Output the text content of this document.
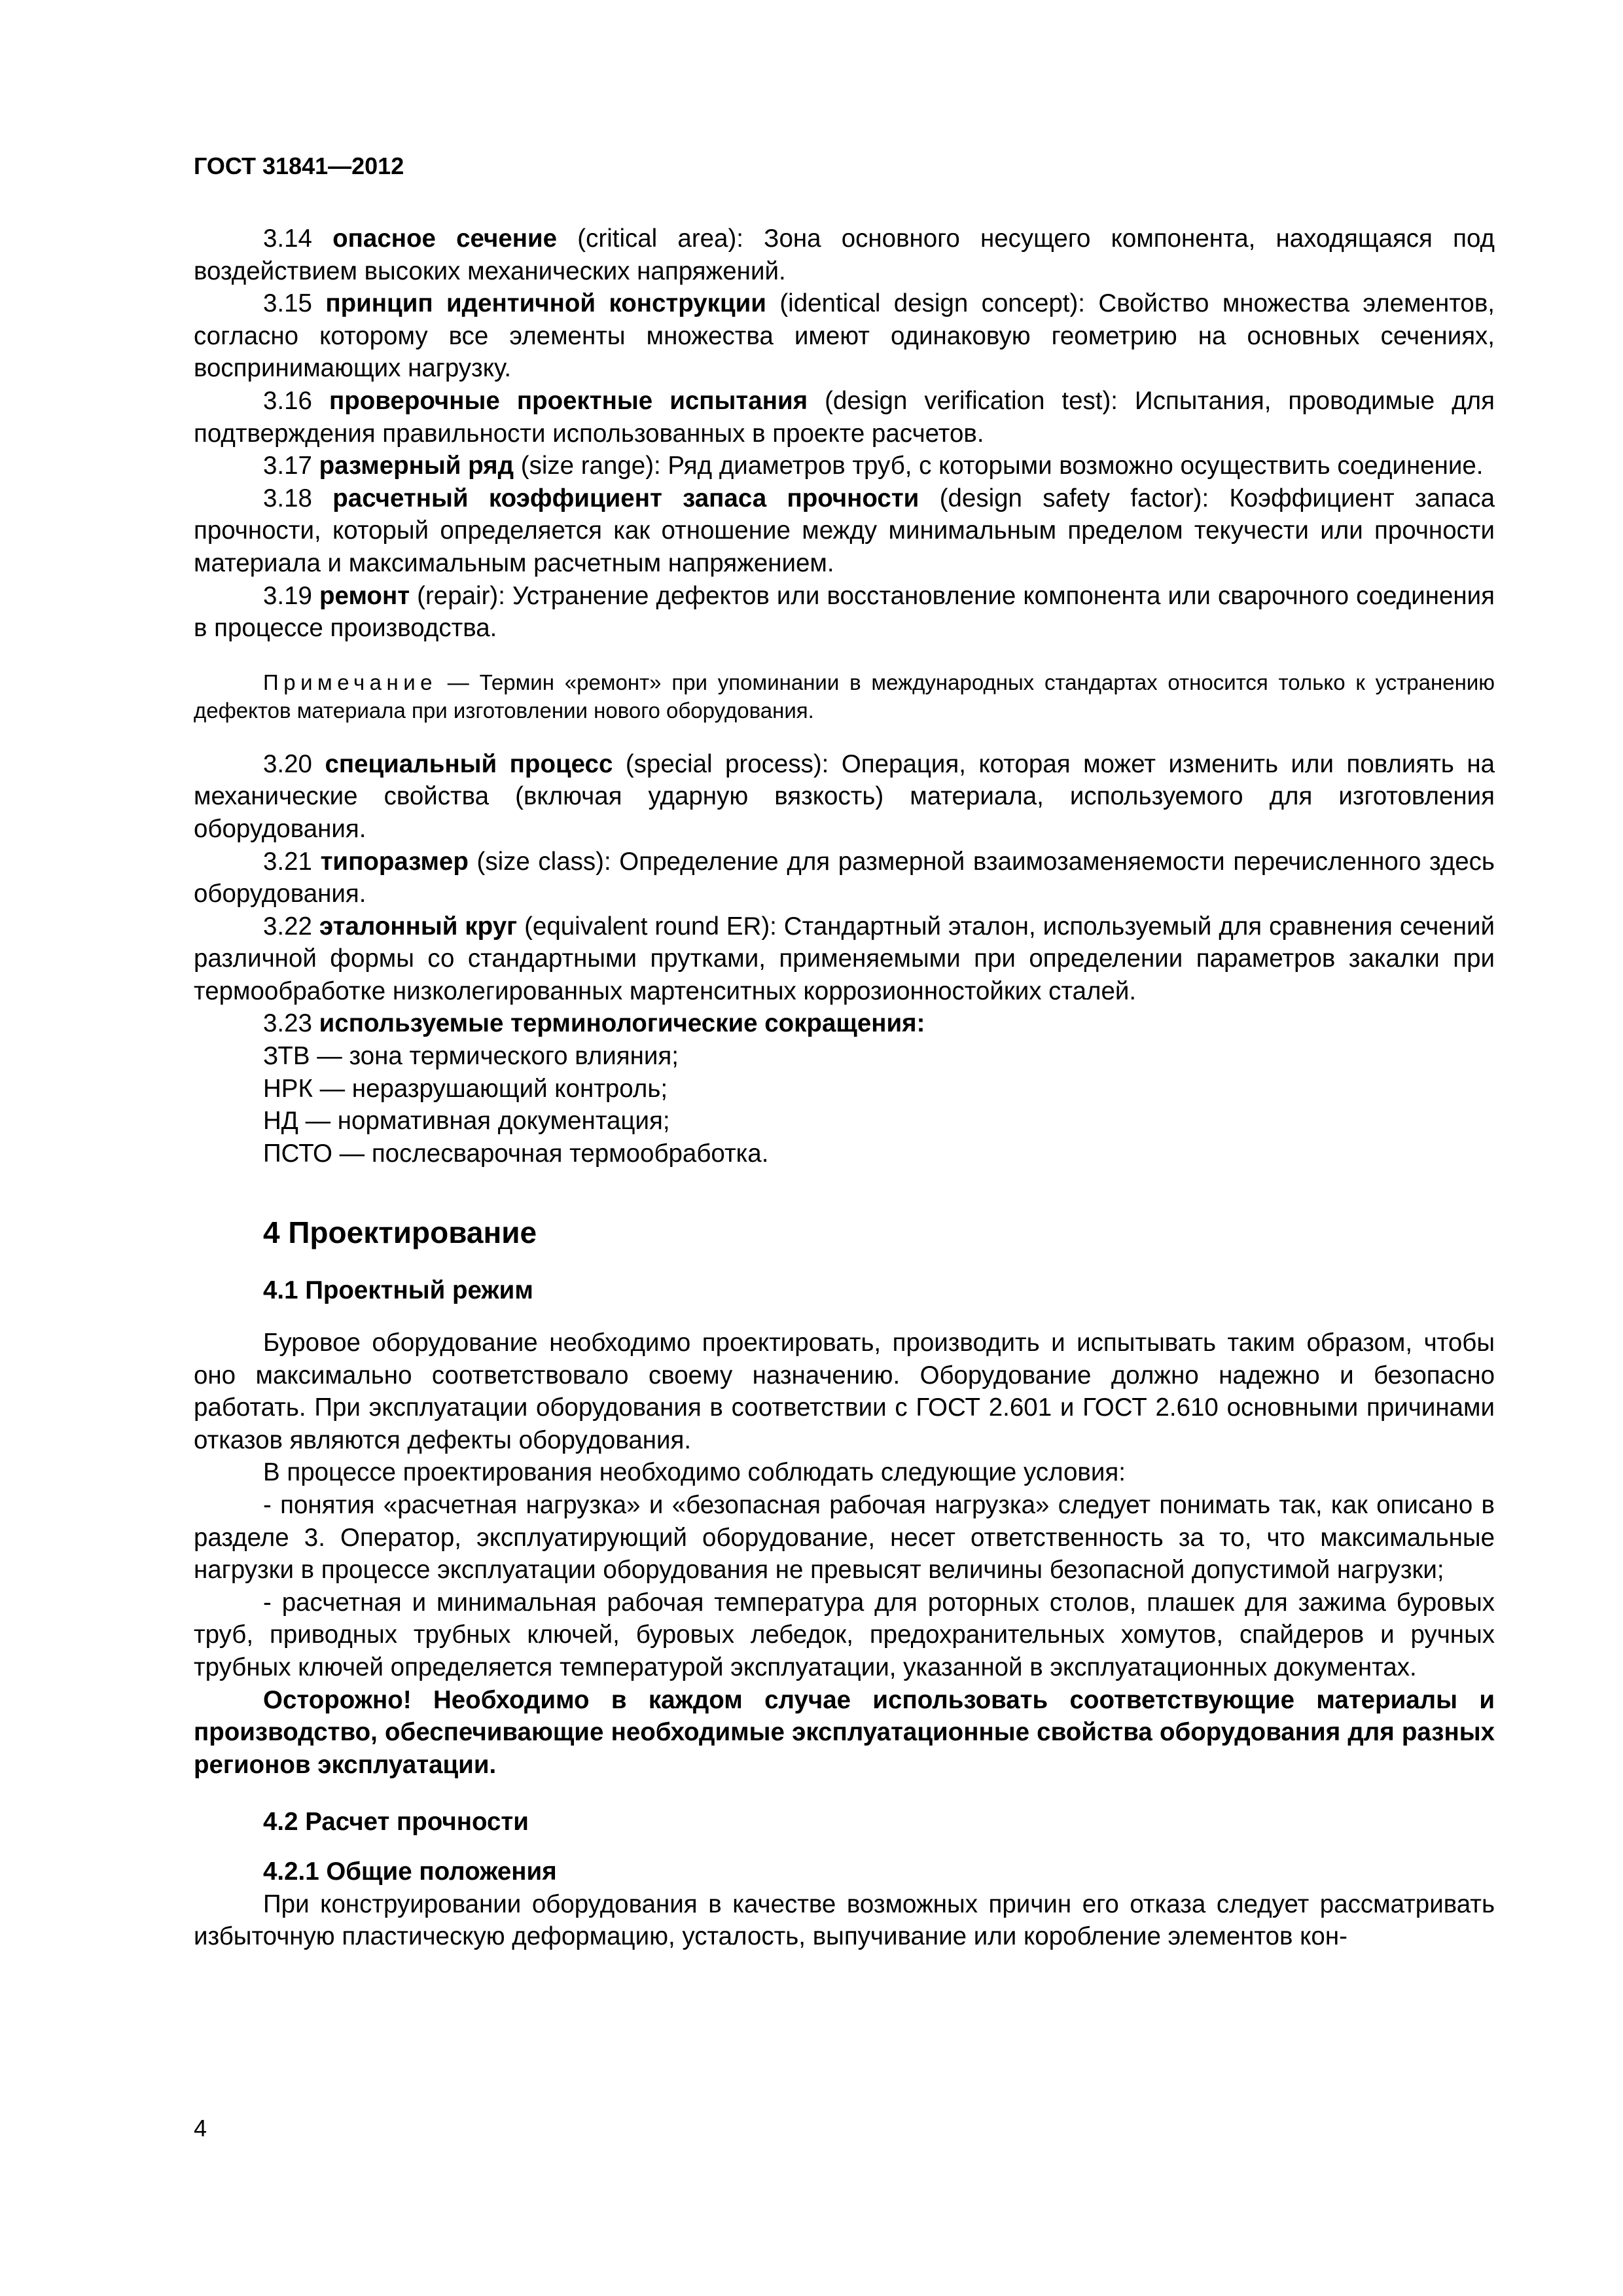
ГОСТ 31841—2012

3.14 опасное сечение (critical area): Зона основного несущего компонента, находящаяся под воздействием высоких механических напряжений.

3.15 принцип идентичной конструкции (identical design concept): Свойство множества элементов, согласно которому все элементы множества имеют одинаковую геометрию на основных сечениях, воспринимающих нагрузку.

3.16 проверочные проектные испытания (design verification test): Испытания, проводимые для подтверждения правильности использованных в проекте расчетов.

3.17 размерный ряд (size range): Ряд диаметров труб, с которыми возможно осуществить соединение.

3.18 расчетный коэффициент запаса прочности (design safety factor): Коэффициент запаса прочности, который определяется как отношение между минимальным пределом текучести или прочности материала и максимальным расчетным напряжением.

3.19 ремонт (repair): Устранение дефектов или восстановление компонента или сварочного соединения в процессе производства.

Примечание — Термин «ремонт» при упоминании в международных стандартах относится только к устранению дефектов материала при изготовлении нового оборудования.

3.20 специальный процесс (special process): Операция, которая может изменить или повлиять на механические свойства (включая ударную вязкость) материала, используемого для изготовления оборудования.

3.21 типоразмер (size class): Определение для размерной взаимозаменяемости перечисленного здесь оборудования.

3.22 эталонный круг (equivalent round ER): Стандартный эталон, используемый для сравнения сечений различной формы со стандартными прутками, применяемыми при определении параметров закалки при термообработке низколегированных мартенситных коррозионностойких сталей.

3.23 используемые терминологические сокращения:

ЗТВ — зона термического влияния;

НРК — неразрушающий контроль;

НД — нормативная документация;

ПСТО — послесварочная термообработка.

4 Проектирование

4.1 Проектный режим

Буровое оборудование необходимо проектировать, производить и испытывать таким образом, чтобы оно максимально соответствовало своему назначению. Оборудование должно надежно и безопасно работать. При эксплуатации оборудования в соответствии с ГОСТ 2.601 и ГОСТ 2.610 основными причинами отказов являются дефекты оборудования.

В процессе проектирования необходимо соблюдать следующие условия:

- понятия «расчетная нагрузка» и «безопасная рабочая нагрузка» следует понимать так, как описано в разделе 3. Оператор, эксплуатирующий оборудование, несет ответственность за то, что максимальные нагрузки в процессе эксплуатации оборудования не превысят величины безопасной допустимой нагрузки;

- расчетная и минимальная рабочая температура для роторных столов, плашек для зажима буровых труб, приводных трубных ключей, буровых лебедок, предохранительных хомутов, спайдеров и ручных трубных ключей определяется температурой эксплуатации, указанной в эксплуатационных документах.

Осторожно! Необходимо в каждом случае использовать соответствующие материалы и производство, обеспечивающие необходимые эксплуатационные свойства оборудования для разных регионов эксплуатации.

4.2 Расчет прочности

4.2.1 Общие положения

При конструировании оборудования в качестве возможных причин его отказа следует рассматривать избыточную пластическую деформацию, усталость, выпучивание или коробление элементов кон-

4
